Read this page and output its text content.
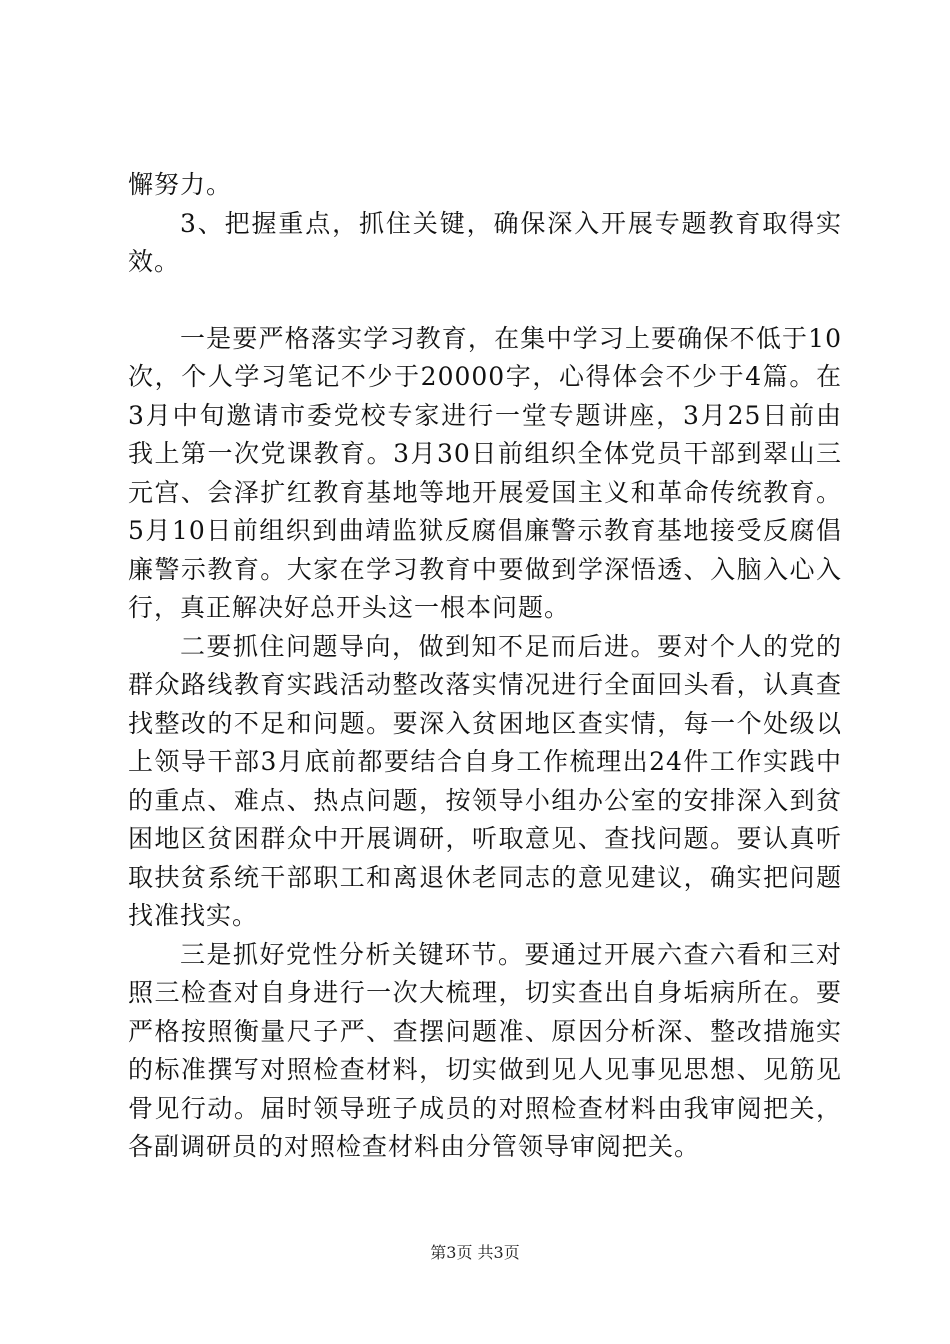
懈努力。

3、把握重点，抓住关键，确保深入开展专题教育取得实效。

一是要严格落实学习教育，在集中学习上要确保不低于10次，个人学习笔记不少于20000字，心得体会不少于4篇。在3月中旬邀请市委党校专家进行一堂专题讲座，3月25日前由我上第一次党课教育。3月30日前组织全体党员干部到翠山三元宫、会泽扩红教育基地等地开展爱国主义和革命传统教育。5月10日前组织到曲靖监狱反腐倡廉警示教育基地接受反腐倡廉警示教育。大家在学习教育中要做到学深悟透、入脑入心入行，真正解决好总开头这一根本问题。

二要抓住问题导向，做到知不足而后进。要对个人的党的群众路线教育实践活动整改落实情况进行全面回头看，认真查找整改的不足和问题。要深入贫困地区查实情，每一个处级以上领导干部3月底前都要结合自身工作梳理出24件工作实践中的重点、难点、热点问题，按领导小组办公室的安排深入到贫困地区贫困群众中开展调研，听取意见、查找问题。要认真听取扶贫系统干部职工和离退休老同志的意见建议，确实把问题找准找实。

三是抓好党性分析关键环节。要通过开展六查六看和三对照三检查对自身进行一次大梳理，切实查出自身垢病所在。要严格按照衡量尺子严、查摆问题准、原因分析深、整改措施实的标准撰写对照检查材料，切实做到见人见事见思想、见筋见骨见行动。届时领导班子成员的对照检查材料由我审阅把关，各副调研员的对照检查材料由分管领导审阅把关。

第3页 共3页
